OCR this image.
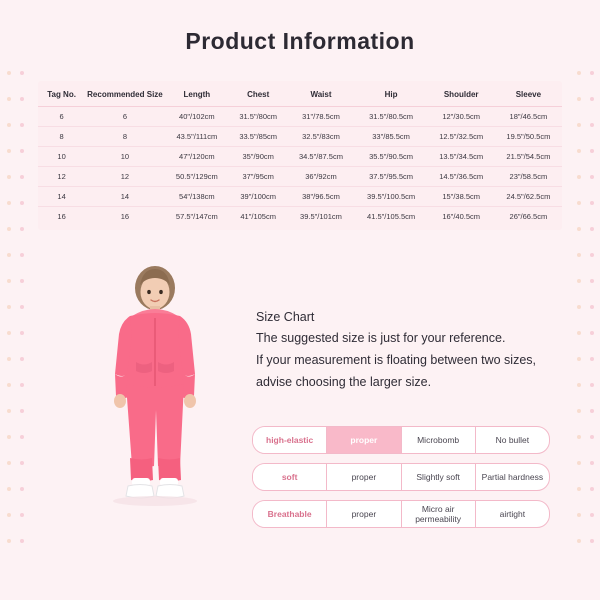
Product Information
Tag No.	Recommended Size	Length	Chest	Waist	Hip	Shoulder	Sleeve
6	6	40"/102cm	31.5"/80cm	31"/78.5cm	31.5"/80.5cm	12"/30.5cm	18"/46.5cm
8	8	43.5"/111cm	33.5"/85cm	32.5"/83cm	33"/85.5cm	12.5"/32.5cm	19.5"/50.5cm
10	10	47"/120cm	35"/90cm	34.5"/87.5cm	35.5"/90.5cm	13.5"/34.5cm	21.5"/54.5cm
12	12	50.5"/129cm	37"/95cm	36"/92cm	37.5"/95.5cm	14.5"/36.5cm	23"/58.5cm
14	14	54"/138cm	39"/100cm	38"/96.5cm	39.5"/100.5cm	15"/38.5cm	24.5"/62.5cm
16	16	57.5"/147cm	41"/105cm	39.5"/101cm	41.5"/105.5cm	16"/40.5cm	26"/66.5cm
Size Chart

The suggested size is just for your reference.

If your measurement is floating between two sizes,

advise choosing the larger size.

high-elastic	proper	Microbomb	No bullet
soft	proper	Slightly soft	Partial hardness
Breathable	proper	Micro air permeability	airtight
